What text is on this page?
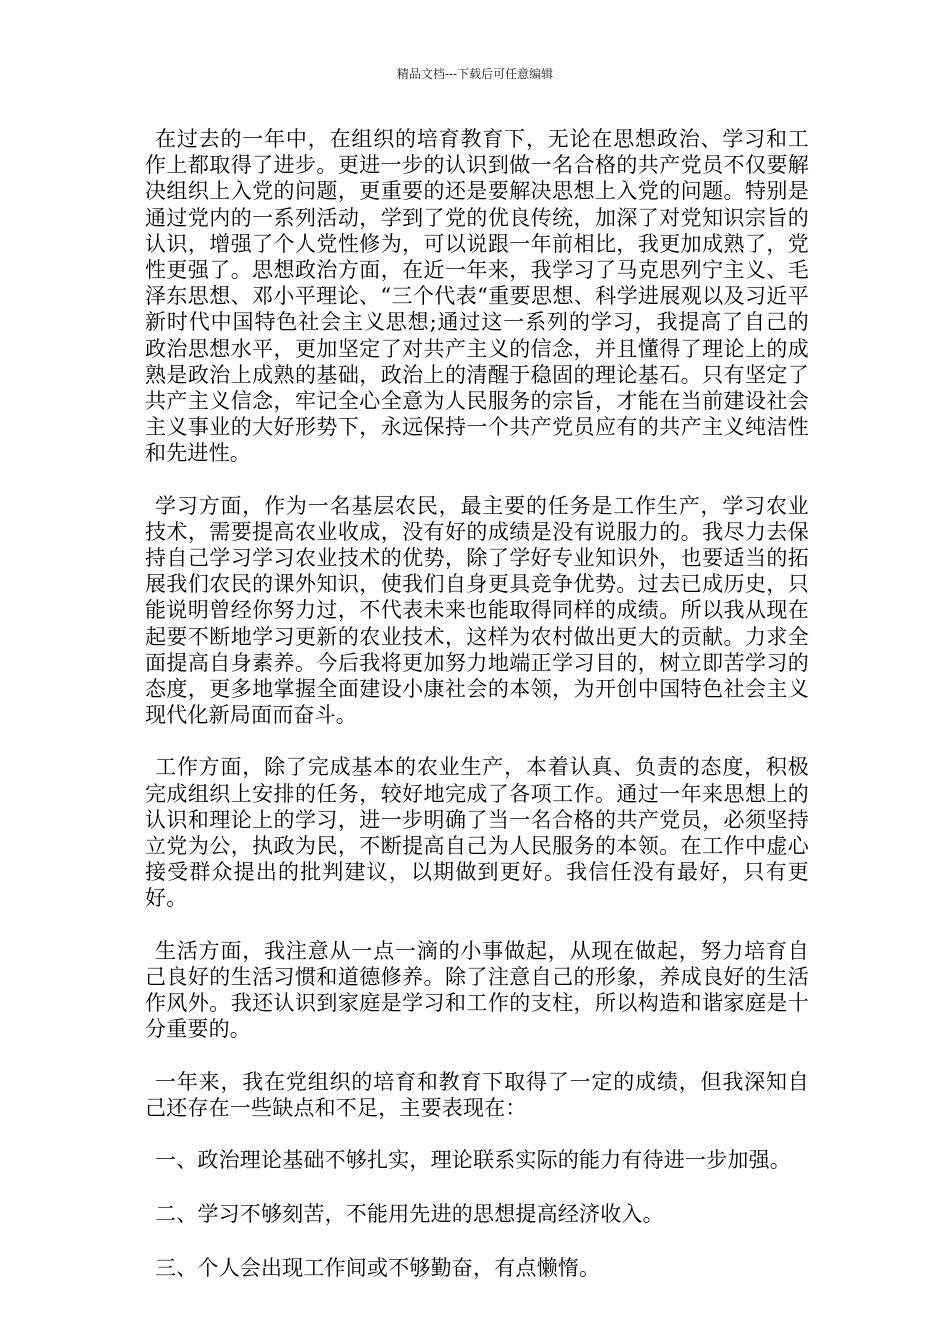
精品文档---下载后可任意编辑

在过去的一年中，在组织的培育教育下，无论在思想政治、学习和工作上都取得了进步。更进一步的认识到做一名合格的共产党员不仅要解决组织上入党的问题，更重要的还是要解决思想上入党的问题。特别是通过党内的一系列活动，学到了党的优良传统，加深了对党知识宗旨的认识，增强了个人党性修为，可以说跟一年前相比，我更加成熟了，党性更强了。思想政治方面，在近一年来，我学习了马克思列宁主义、毛泽东思想、邓小平理论、“三个代表“重要思想、科学进展观以及习近平新时代中国特色社会主义思想;通过这一系列的学习，我提高了自己的政治思想水平，更加坚定了对共产主义的信念，并且懂得了理论上的成熟是政治上成熟的基础，政治上的清醒于稳固的理论基石。只有坚定了共产主义信念，牢记全心全意为人民服务的宗旨，才能在当前建设社会主义事业的大好形势下，永远保持一个共产党员应有的共产主义纯洁性和先进性。

学习方面，作为一名基层农民，最主要的任务是工作生产，学习农业技术，需要提高农业收成，没有好的成绩是没有说服力的。我尽力去保持自己学习学习农业技术的优势，除了学好专业知识外，也要适当的拓展我们农民的课外知识，使我们自身更具竞争优势。过去已成历史，只能说明曾经你努力过，不代表未来也能取得同样的成绩。所以我从现在起要不断地学习更新的农业技术，这样为农村做出更大的贡献。力求全面提高自身素养。今后我将更加努力地端正学习目的，树立即苦学习的态度，更多地掌握全面建设小康社会的本领，为开创中国特色社会主义现代化新局面而奋斗。

工作方面，除了完成基本的农业生产，本着认真、负责的态度，积极完成组织上安排的任务，较好地完成了各项工作。通过一年来思想上的认识和理论上的学习，进一步明确了当一名合格的共产党员，必须坚持立党为公，执政为民，不断提高自己为人民服务的本领。在工作中虚心接受群众提出的批判建议，以期做到更好。我信任没有最好，只有更好。

生活方面，我注意从一点一滴的小事做起，从现在做起，努力培育自己良好的生活习惯和道德修养。除了注意自己的形象，养成良好的生活作风外。我还认识到家庭是学习和工作的支柱，所以构造和谐家庭是十分重要的。

一年来，我在党组织的培育和教育下取得了一定的成绩，但我深知自己还存在一些缺点和不足，主要表现在：

一、政治理论基础不够扎实，理论联系实际的能力有待进一步加强。

二、学习不够刻苦，不能用先进的思想提高经济收入。

三、个人会出现工作间或不够勤奋，有点懒惰。
